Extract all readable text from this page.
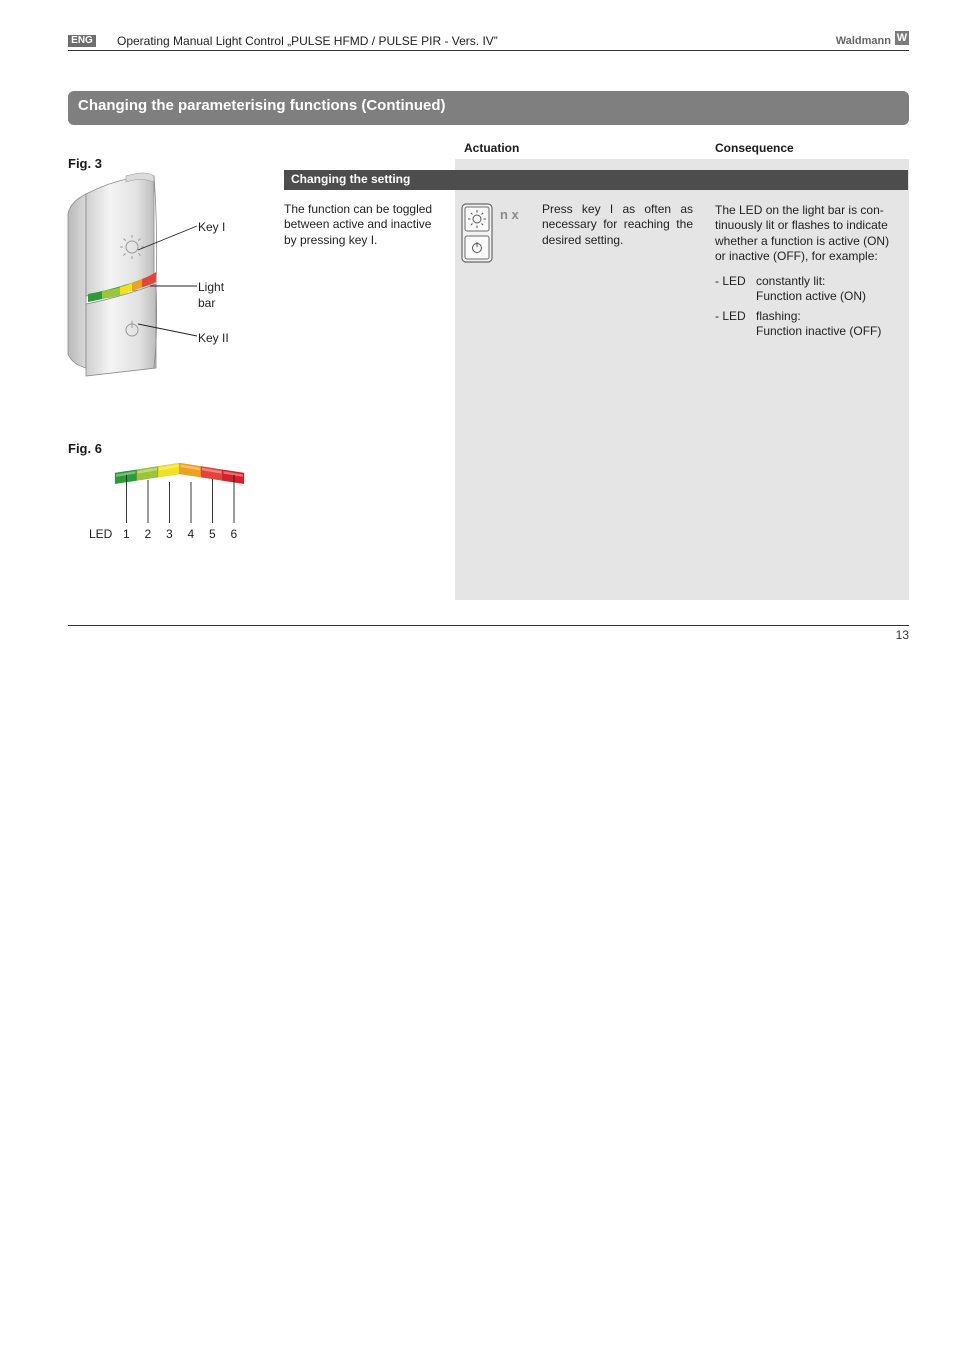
ENG Operating Manual Light Control „PULSE HFMD / PULSE PIR - Vers. IV”	Waldmann W
Changing the parameterising functions (Continued)
Actuation	Consequence
Changing the setting
The function can be toggled between active and inactive by pressing key I.
n x Press key I as often as necessary for reaching the desired setting.
The LED on the light bar is continuously lit or flashes to indicate whether a function is active (ON) or inactive (OFF), for example:
- LED constantly lit:
Function active (ON)
- LED flashing:
Function inactive (OFF)
Fig. 3
Key I
Light
bar
Key II
Fig. 6
LED 1 2 3 4 5 6
13
